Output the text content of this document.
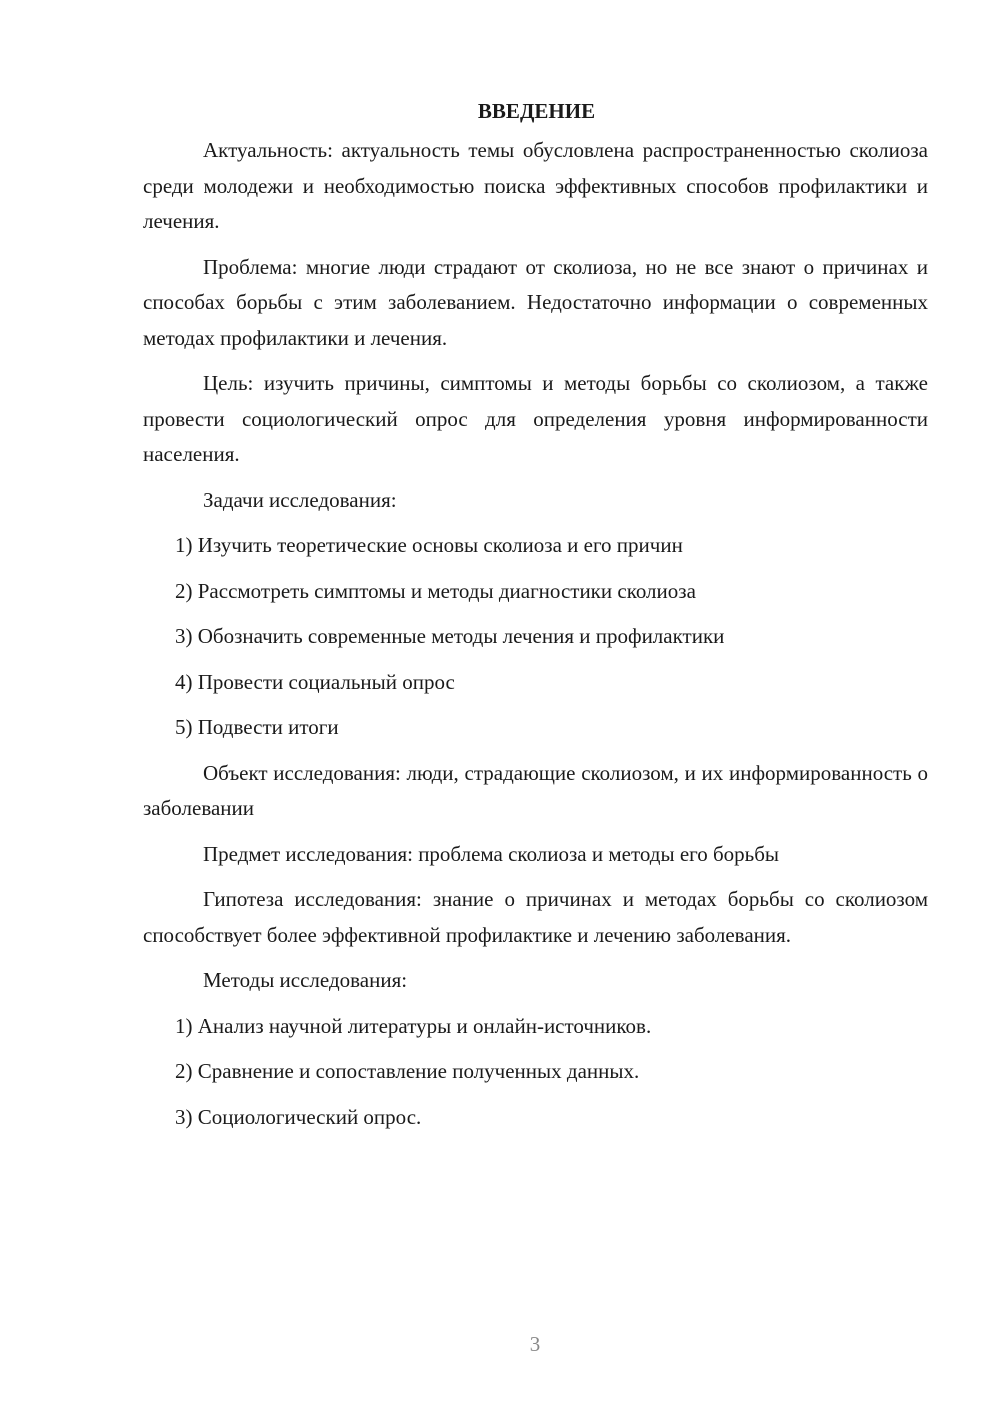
ВВЕДЕНИЕ

Актуальность: актуальность темы обусловлена распространенностью сколиоза среди молодежи и необходимостью поиска эффективных способов профилактики и лечения.

Проблема: многие люди страдают от сколиоза, но не все знают о причинах и способах борьбы с этим заболеванием. Недостаточно информации о современных методах профилактики и лечения.

Цель: изучить причины, симптомы и методы борьбы со сколиозом, а также провести социологический опрос для определения уровня информированности населения.

Задачи исследования:

1) Изучить теоретические основы сколиоза и его причин
2) Рассмотреть симптомы и методы диагностики сколиоза
3) Обозначить современные методы лечения и профилактики
4) Провести социальный опрос
5) Подвести итоги

Объект исследования: люди, страдающие сколиозом, и их информированность о заболевании

Предмет исследования: проблема сколиоза и методы его борьбы

Гипотеза исследования: знание о причинах и методах борьбы со сколиозом способствует более эффективной профилактике и лечению заболевания.

Методы исследования:

1) Анализ научной литературы и онлайн-источников.
2) Сравнение и сопоставление полученных данных.
3) Социологический опрос.
3
